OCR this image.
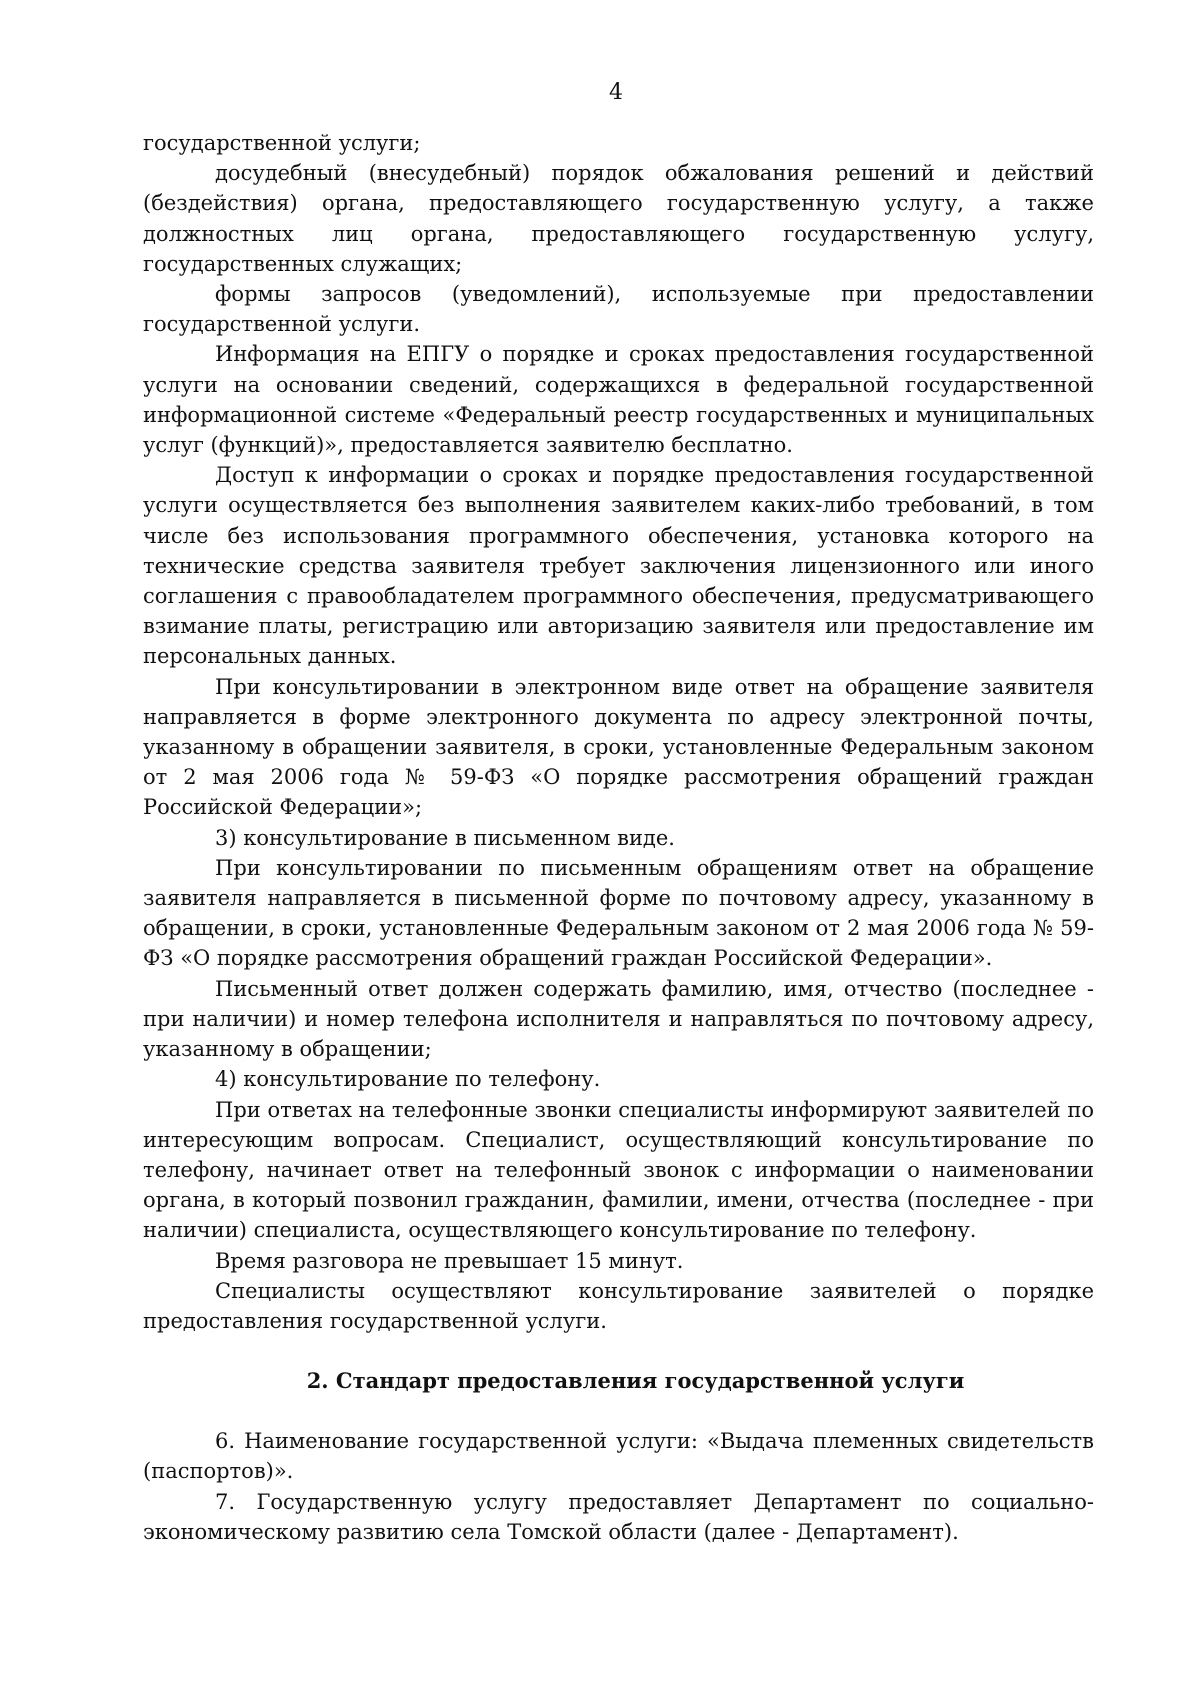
4

государственной услуги;

досудебный (внесудебный) порядок обжалования решений и действий (бездействия) органа, предоставляющего государственную услугу, а также должностных лиц органа, предоставляющего государственную услугу, государственных служащих;

формы запросов (уведомлений), используемые при предоставлении государственной услуги.

Информация на ЕПГУ о порядке и сроках предоставления государственной услуги на основании сведений, содержащихся в федеральной государственной информационной системе «Федеральный реестр государственных и муниципальных услуг (функций)», предоставляется заявителю бесплатно.

Доступ к информации о сроках и порядке предоставления государственной услуги осуществляется без выполнения заявителем каких-либо требований, в том числе без использования программного обеспечения, установка которого на технические средства заявителя требует заключения лицензионного или иного соглашения с правообладателем программного обеспечения, предусматривающего взимание платы, регистрацию или авторизацию заявителя или предоставление им персональных данных.

При консультировании в электронном виде ответ на обращение заявителя направляется в форме электронного документа по адресу электронной почты, указанному в обращении заявителя, в сроки, установленные Федеральным законом от 2 мая 2006 года № 59-ФЗ «О порядке рассмотрения обращений граждан Российской Федерации»;

3) консультирование в письменном виде.

При консультировании по письменным обращениям ответ на обращение заявителя направляется в письменной форме по почтовому адресу, указанному в обращении, в сроки, установленные Федеральным законом от 2 мая 2006 года № 59-ФЗ «О порядке рассмотрения обращений граждан Российской Федерации».

Письменный ответ должен содержать фамилию, имя, отчество (последнее - при наличии) и номер телефона исполнителя и направляться по почтовому адресу, указанному в обращении;

4) консультирование по телефону.

При ответах на телефонные звонки специалисты информируют заявителей по интересующим вопросам. Специалист, осуществляющий консультирование по телефону, начинает ответ на телефонный звонок с информации о наименовании органа, в который позвонил гражданин, фамилии, имени, отчества (последнее - при наличии) специалиста, осуществляющего консультирование по телефону.

Время разговора не превышает 15 минут.

Специалисты осуществляют консультирование заявителей о порядке предоставления государственной услуги.

2. Стандарт предоставления государственной услуги

6. Наименование государственной услуги: «Выдача племенных свидетельств (паспортов)».

7. Государственную услугу предоставляет Департамент по социально-экономическому развитию села Томской области (далее - Департамент).
